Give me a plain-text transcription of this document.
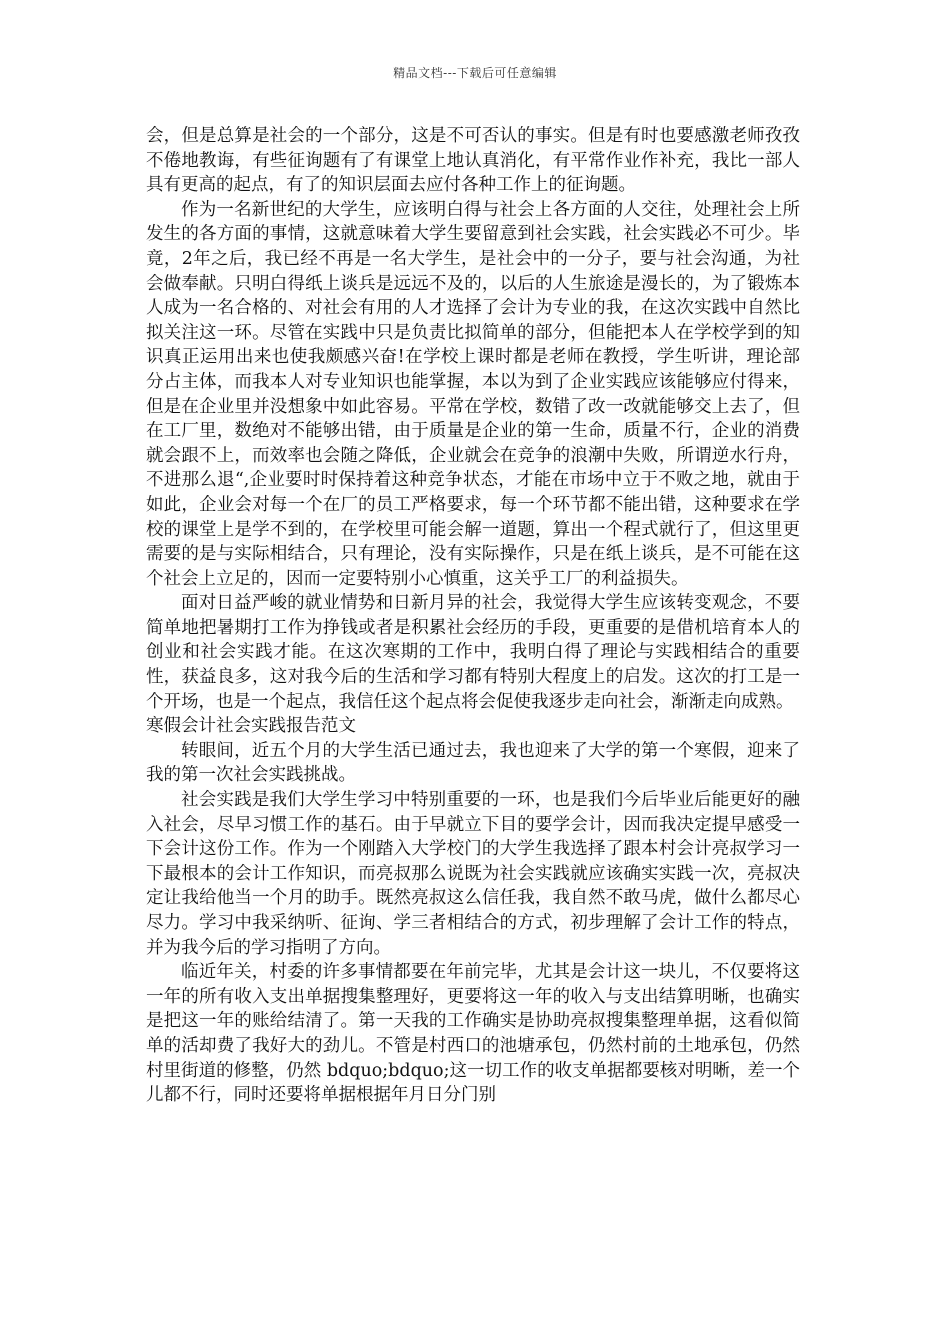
精品文档---下载后可任意编辑

会，但是总算是社会的一个部分，这是不可否认的事实。但是有时也要感激老师孜孜不倦地教诲，有些征询题有了有课堂上地认真消化，有平常作业作补充，我比一部人具有更高的起点，有了的知识层面去应付各种工作上的征询题。

作为一名新世纪的大学生，应该明白得与社会上各方面的人交往，处理社会上所发生的各方面的事情，这就意味着大学生要留意到社会实践，社会实践必不可少。毕竟，2年之后，我已经不再是一名大学生，是社会中的一分子，要与社会沟通，为社会做奉献。只明白得纸上谈兵是远远不及的，以后的人生旅途是漫长的，为了锻炼本人成为一名合格的、对社会有用的人才选择了会计为专业的我，在这次实践中自然比拟关注这一环。尽管在实践中只是负责比拟简单的部分，但能把本人在学校学到的知识真正运用出来也使我颇感兴奋!在学校上课时都是老师在教授，学生听讲，理论部分占主体，而我本人对专业知识也能掌握，本以为到了企业实践应该能够应付得来，但是在企业里并没想象中如此容易。平常在学校，数错了改一改就能够交上去了，但在工厂里，数绝对不能够出错，由于质量是企业的第一生命，质量不行，企业的消费就会跟不上，而效率也会随之降低，企业就会在竞争的浪潮中失败，所谓逆水行舟，不进那么退“,企业要时时保持着这种竞争状态，才能在市场中立于不败之地，就由于如此，企业会对每一个在厂的员工严格要求，每一个环节都不能出错，这种要求在学校的课堂上是学不到的，在学校里可能会解一道题，算出一个程式就行了，但这里更需要的是与实际相结合，只有理论，没有实际操作，只是在纸上谈兵，是不可能在这个社会上立足的，因而一定要特别小心慎重，这关乎工厂的利益损失。

面对日益严峻的就业情势和日新月异的社会，我觉得大学生应该转变观念，不要简单地把暑期打工作为挣钱或者是积累社会经历的手段，更重要的是借机培育本人的创业和社会实践才能。在这次寒期的工作中，我明白得了理论与实践相结合的重要性，获益良多，这对我今后的生活和学习都有特别大程度上的启发。这次的打工是一个开场，也是一个起点，我信任这个起点将会促使我逐步走向社会，渐渐走向成熟。

寒假会计社会实践报告范文

转眼间，近五个月的大学生活已通过去，我也迎来了大学的第一个寒假，迎来了我的第一次社会实践挑战。

社会实践是我们大学生学习中特别重要的一环，也是我们今后毕业后能更好的融入社会，尽早习惯工作的基石。由于早就立下目的要学会计，因而我决定提早感受一下会计这份工作。作为一个刚踏入大学校门的大学生我选择了跟本村会计亮叔学习一下最根本的会计工作知识，而亮叔那么说既为社会实践就应该确实实践一次，亮叔决定让我给他当一个月的助手。既然亮叔这么信任我，我自然不敢马虎，做什么都尽心尽力。学习中我采纳听、征询、学三者相结合的方式，初步理解了会计工作的特点，并为我今后的学习指明了方向。

临近年关，村委的许多事情都要在年前完毕，尤其是会计这一块儿，不仅要将这一年的所有收入支出单据搜集整理好，更要将这一年的收入与支出结算明晰，也确实是把这一年的账给结清了。第一天我的工作确实是协助亮叔搜集整理单据，这看似简单的活却费了我好大的劲儿。不管是村西口的池塘承包，仍然村前的土地承包，仍然村里街道的修整，仍然 bdquo;bdquo;这一切工作的收支单据都要核对明晰，差一个儿都不行，同时还要将单据根据年月日分门别
